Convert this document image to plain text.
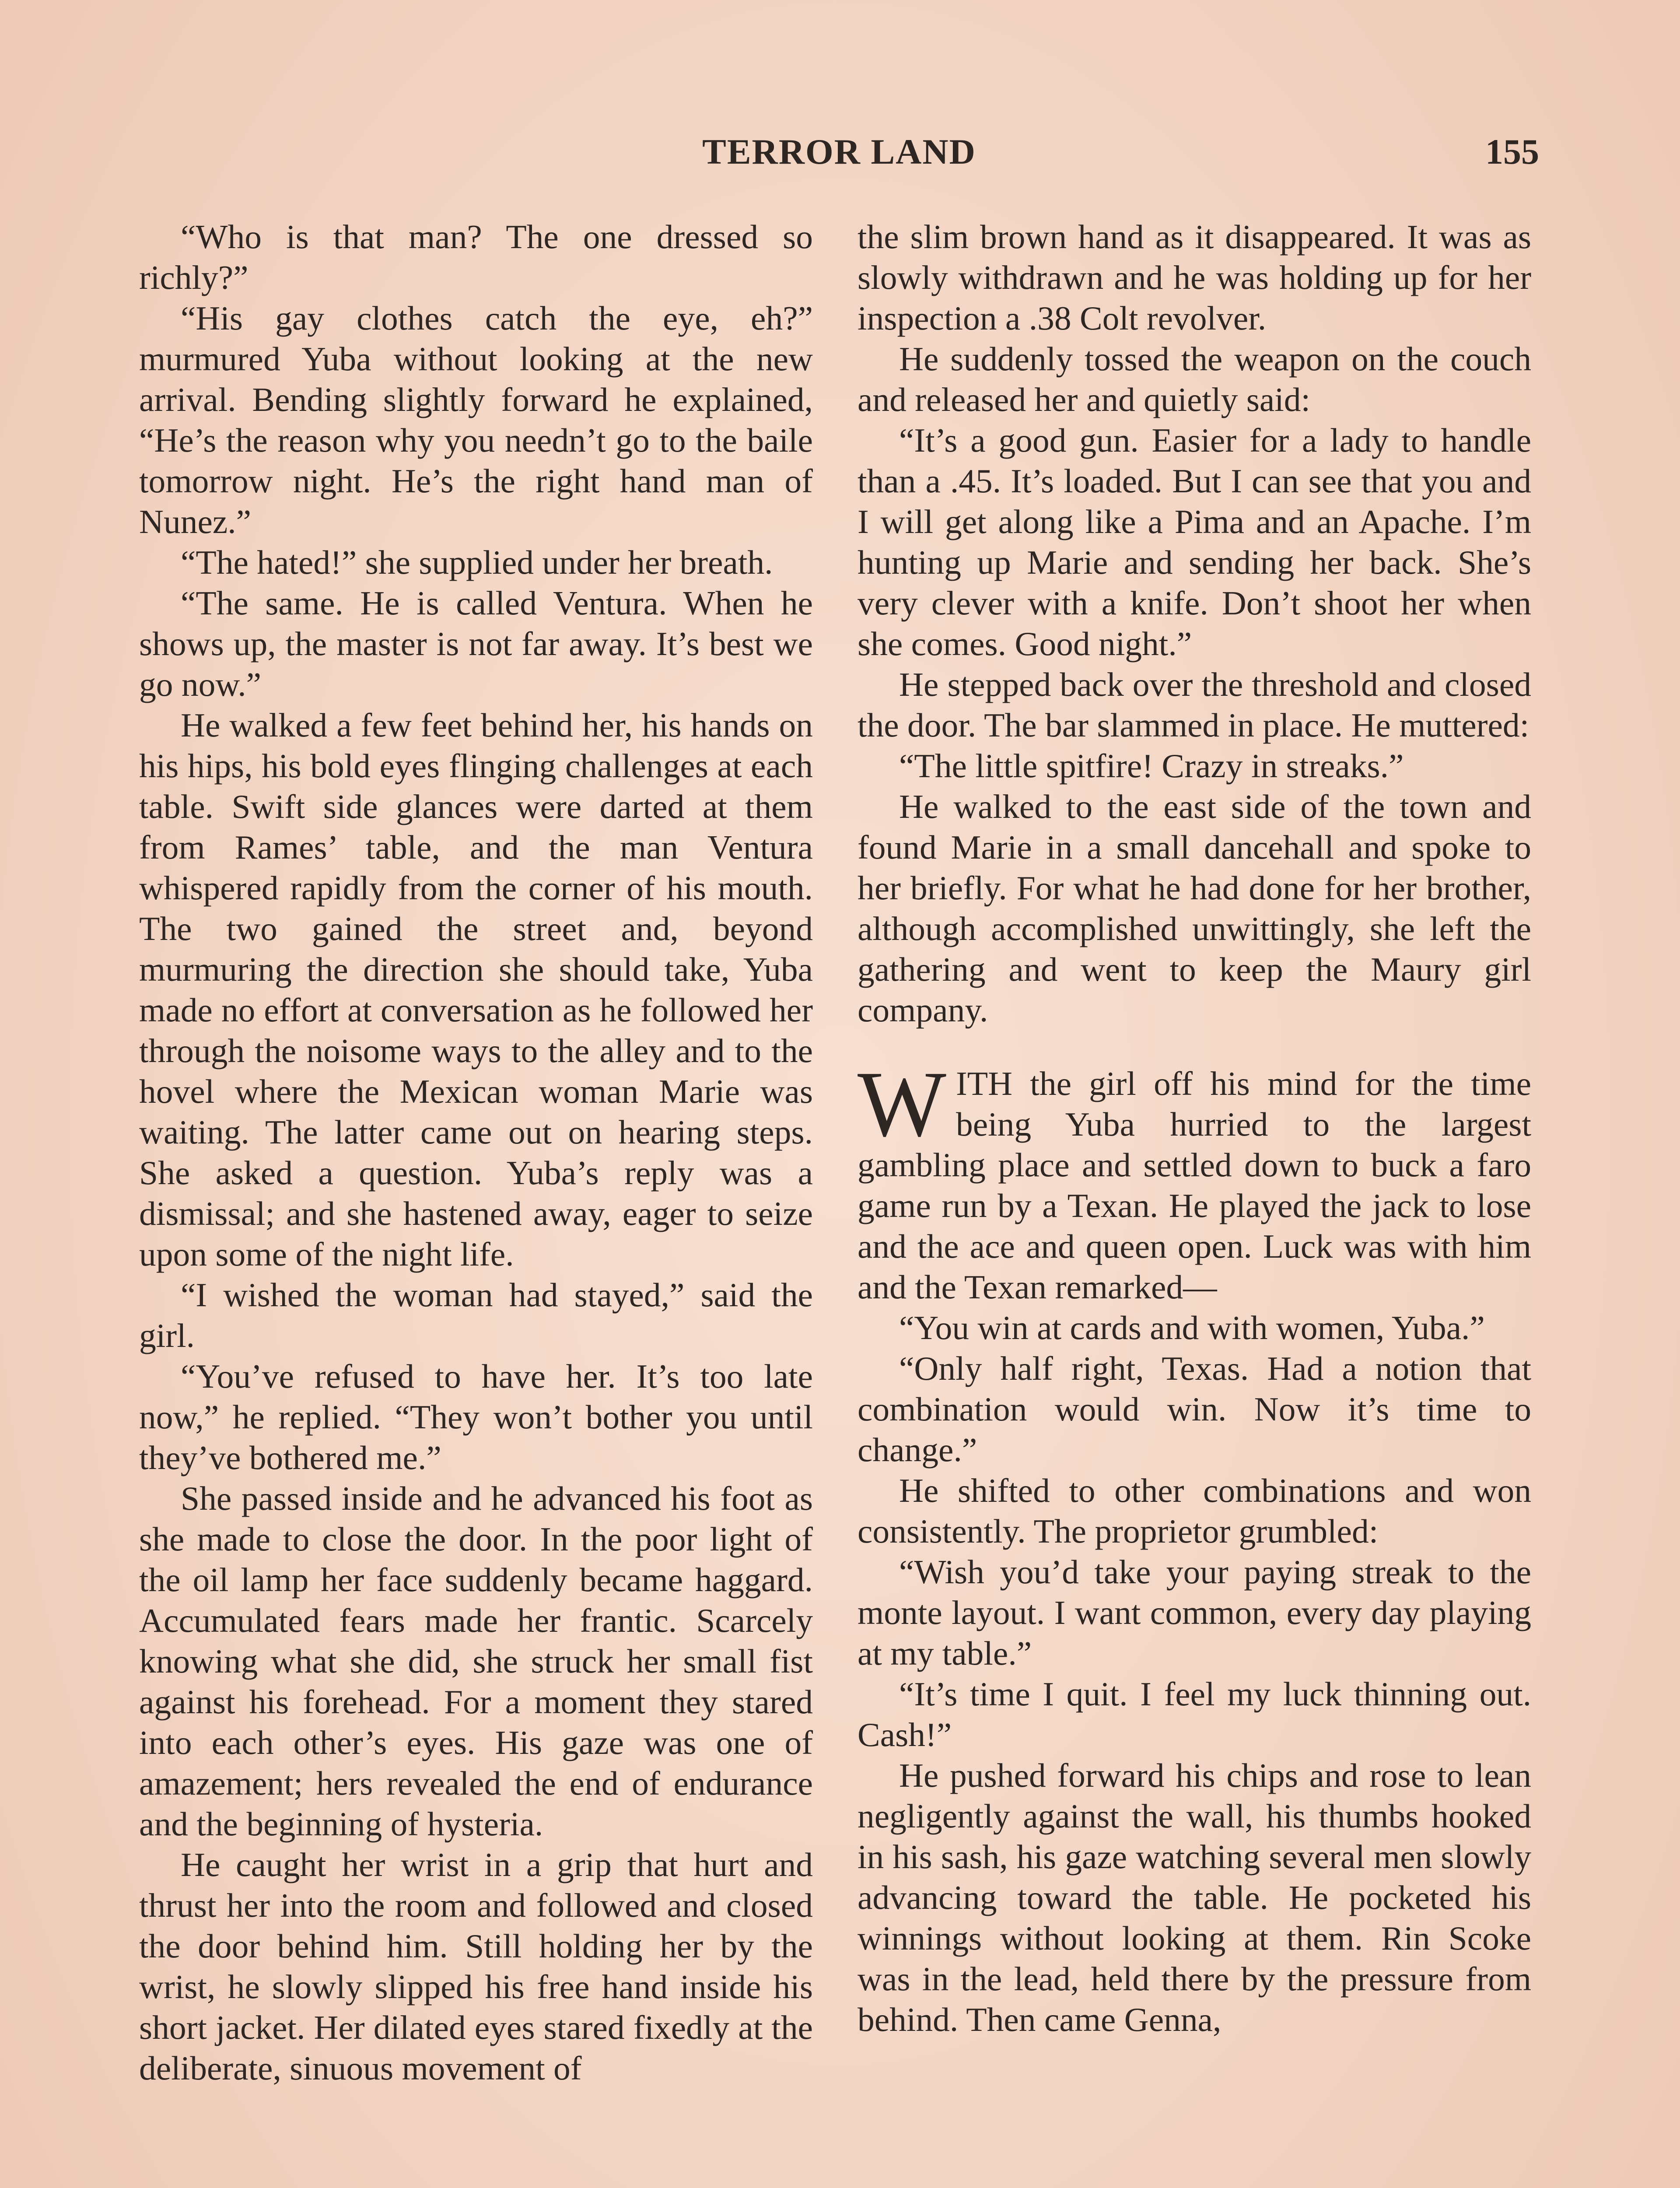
TERROR LAND	155

“Who is that man? The one dressed so richly?”

“His gay clothes catch the eye, eh?” murmured Yuba without looking at the new arrival. Bending slightly forward he explained, “He’s the reason why you needn’t go to the baile tomorrow night. He’s the right hand man of Nunez.”

“The hated!” she supplied under her breath.

“The same. He is called Ventura. When he shows up, the master is not far away. It’s best we go now.”

He walked a few feet behind her, his hands on his hips, his bold eyes flinging challenges at each table. Swift side glances were darted at them from Rames’ table, and the man Ventura whispered rapidly from the corner of his mouth. The two gained the street and, beyond murmuring the direction she should take, Yuba made no effort at conversation as he followed her through the noisome ways to the alley and to the hovel where the Mexican woman Marie was waiting. The latter came out on hearing steps. She asked a question. Yuba’s reply was a dismissal; and she hastened away, eager to seize upon some of the night life.

“I wished the woman had stayed,” said the girl.

“You’ve refused to have her. It’s too late now,” he replied. “They won’t bother you until they’ve bothered me.”

She passed inside and he advanced his foot as she made to close the door. In the poor light of the oil lamp her face suddenly became haggard. Accumulated fears made her frantic. Scarcely knowing what she did, she struck her small fist against his forehead. For a moment they stared into each other’s eyes. His gaze was one of amazement; hers revealed the end of endurance and the beginning of hysteria.

He caught her wrist in a grip that hurt and thrust her into the room and followed and closed the door behind him. Still holding her by the wrist, he slowly slipped his free hand inside his short jacket. Her dilated eyes stared fixedly at the deliberate, sinuous movement of

the slim brown hand as it disappeared. It was as slowly withdrawn and he was holding up for her inspection a .38 Colt revolver.

He suddenly tossed the weapon on the couch and released her and quietly said:

“It’s a good gun. Easier for a lady to handle than a .45. It’s loaded. But I can see that you and I will get along like a Pima and an Apache. I’m hunting up Marie and sending her back. She’s very clever with a knife. Don’t shoot her when she comes. Good night.”

He stepped back over the threshold and closed the door. The bar slammed in place. He muttered:

“The little spitfire! Crazy in streaks.”

He walked to the east side of the town and found Marie in a small dancehall and spoke to her briefly. For what he had done for her brother, although accomplished unwittingly, she left the gathering and went to keep the Maury girl company.

WITH the girl off his mind for the time being Yuba hurried to the largest gambling place and settled down to buck a faro game run by a Texan. He played the jack to lose and the ace and queen open. Luck was with him and the Texan remarked—

“You win at cards and with women, Yuba.”

“Only half right, Texas. Had a notion that combination would win. Now it’s time to change.”

He shifted to other combinations and won consistently. The proprietor grumbled:

“Wish you’d take your paying streak to the monte layout. I want common, every day playing at my table.”

“It’s time I quit. I feel my luck thinning out. Cash!”

He pushed forward his chips and rose to lean negligently against the wall, his thumbs hooked in his sash, his gaze watching several men slowly advancing toward the table. He pocketed his winnings without looking at them. Rin Scoke was in the lead, held there by the pressure from behind. Then came Genna,
